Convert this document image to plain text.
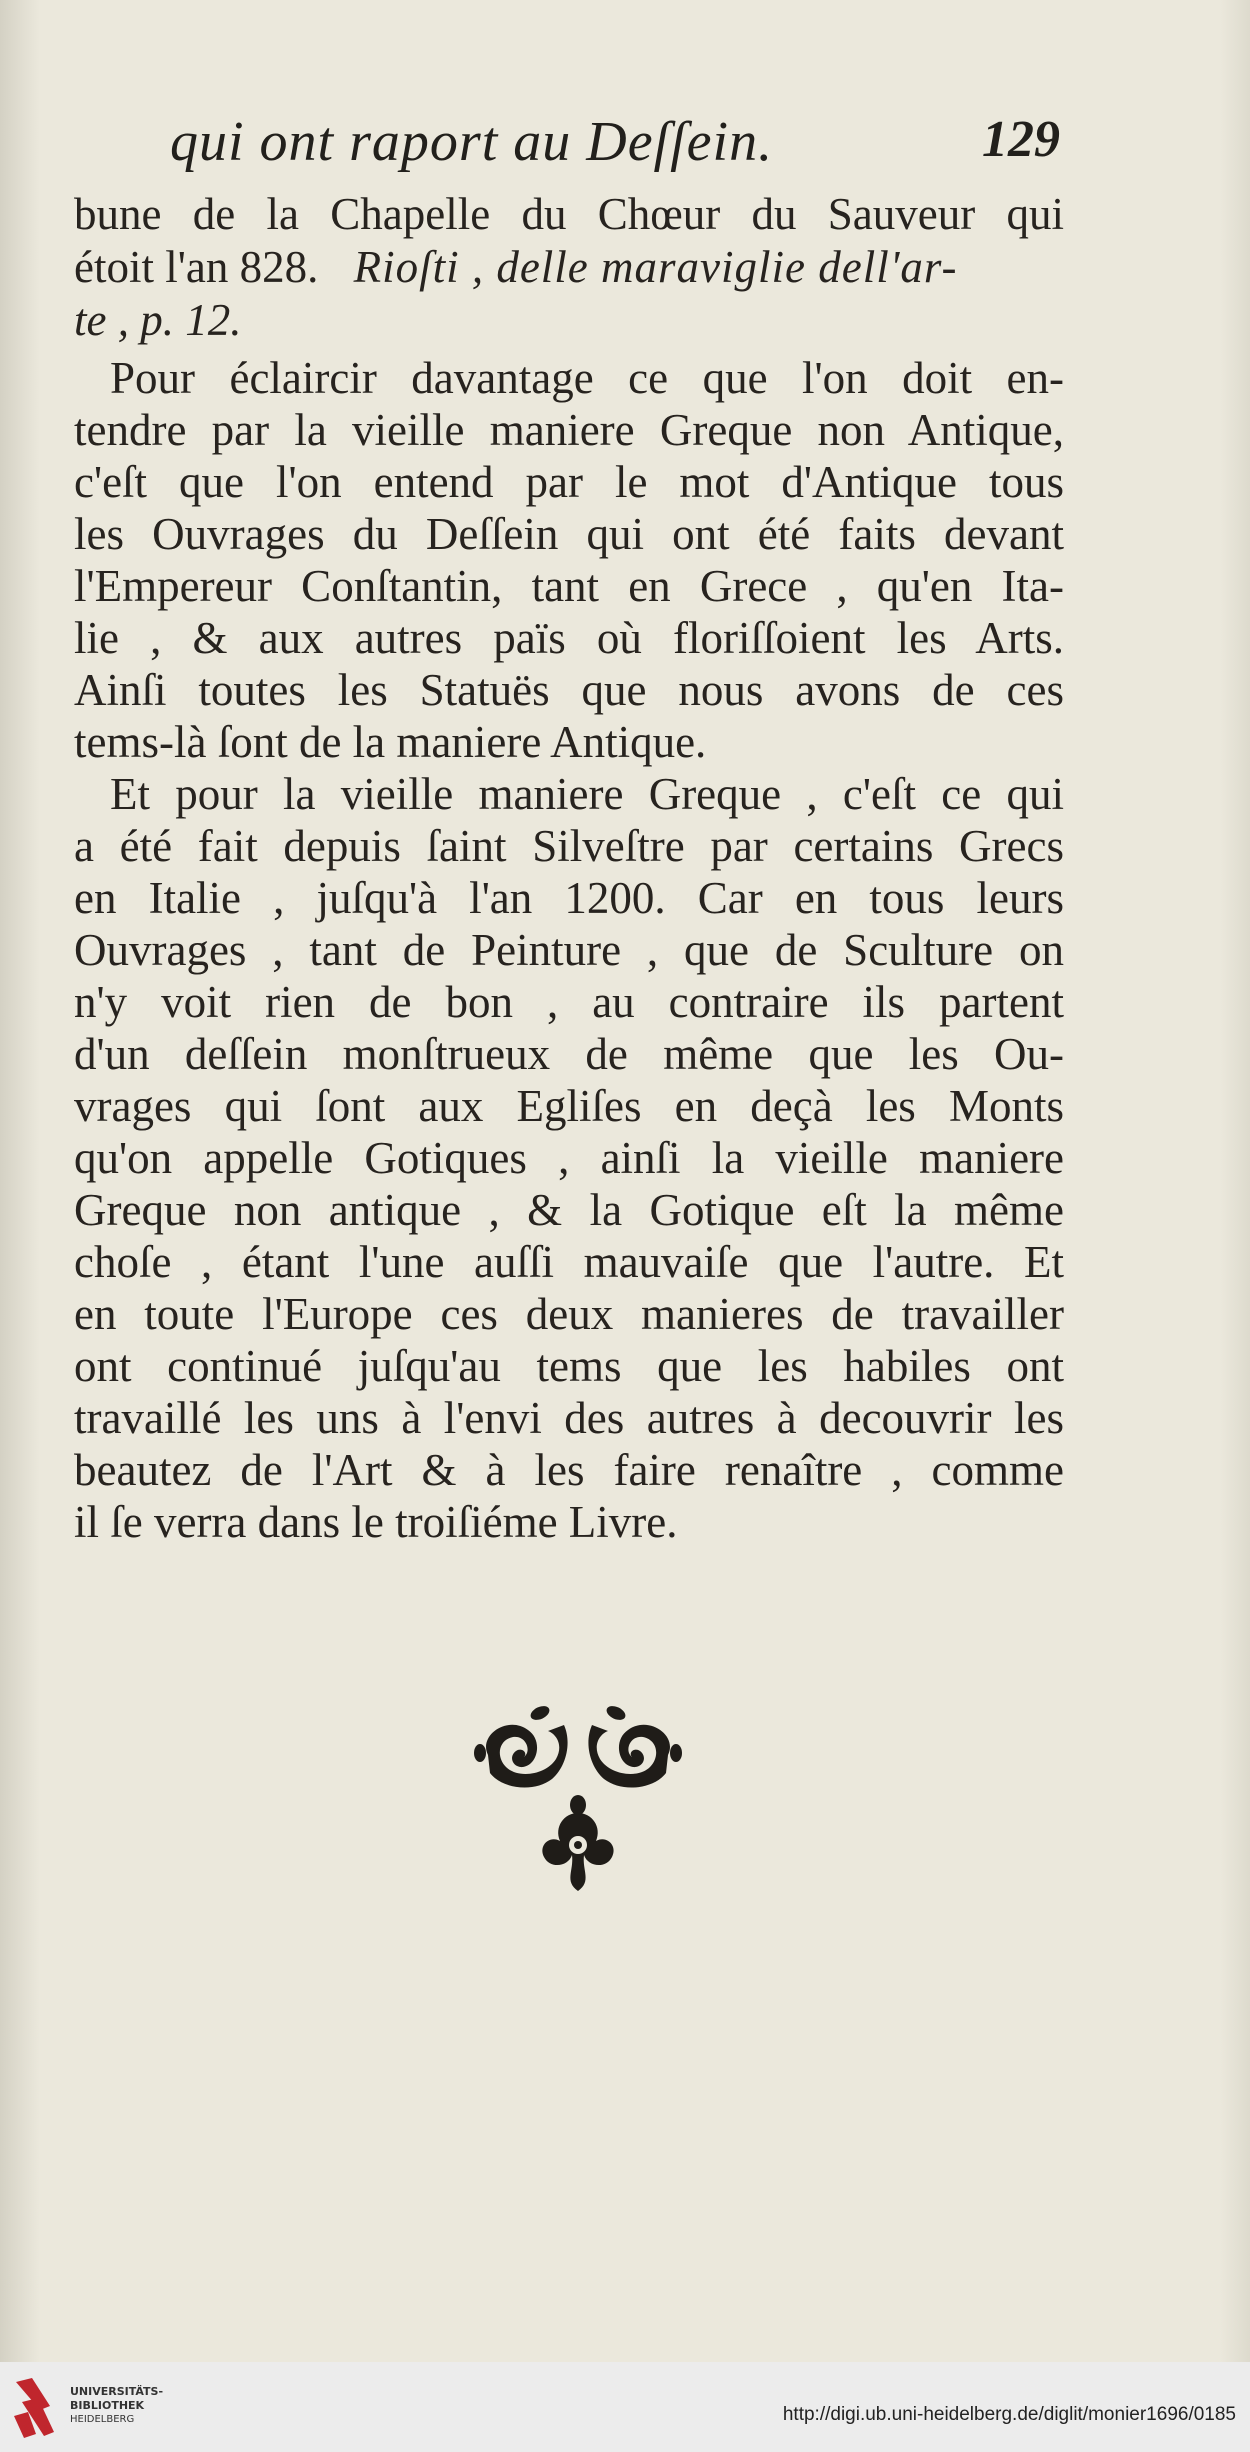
qui ont raport au Deſſein.	129
bune de la Chapelle du Chœur du Sauveur qui
étoit l'an 828. Rioſti , delle maraviglie dell'ar-
te , p. 12.
Pour éclaircir davantage ce que l'on doit en-
tendre par la vieille maniere Greque non Antique,
c'eſt que l'on entend par le mot d'Antique tous
les Ouvrages du Deſſein qui ont été faits devant
l'Empereur Conſtantin, tant en Grece , qu'en Ita-
lie , & aux autres païs où floriſſoient les Arts.
Ainſi toutes les Statuës que nous avons de ces
tems-là ſont de la maniere Antique.
Et pour la vieille maniere Greque , c'eſt ce qui
a été fait depuis ſaint Silveſtre par certains Grecs
en Italie , juſqu'à l'an 1200. Car en tous leurs
Ouvrages , tant de Peinture , que de Sculture on
n'y voit rien de bon , au contraire ils partent
d'un deſſein monſtrueux de même que les Ou-
vrages qui ſont aux Egliſes en deçà les Monts
qu'on appelle Gotiques , ainſi la vieille maniere
Greque non antique , & la Gotique eſt la même
choſe , étant l'une auſſi mauvaiſe que l'autre. Et
en toute l'Europe ces deux manieres de travailler
ont continué juſqu'au tems que les habiles ont
travaillé les uns à l'envi des autres à decouvrir les
beautez de l'Art & à les faire renaître , comme
il ſe verra dans le troiſiéme Livre.
UNIVERSITÄTS-
BIBLIOTHEK
HEIDELBERG	http://digi.ub.uni-heidelberg.de/diglit/monier1696/0185
